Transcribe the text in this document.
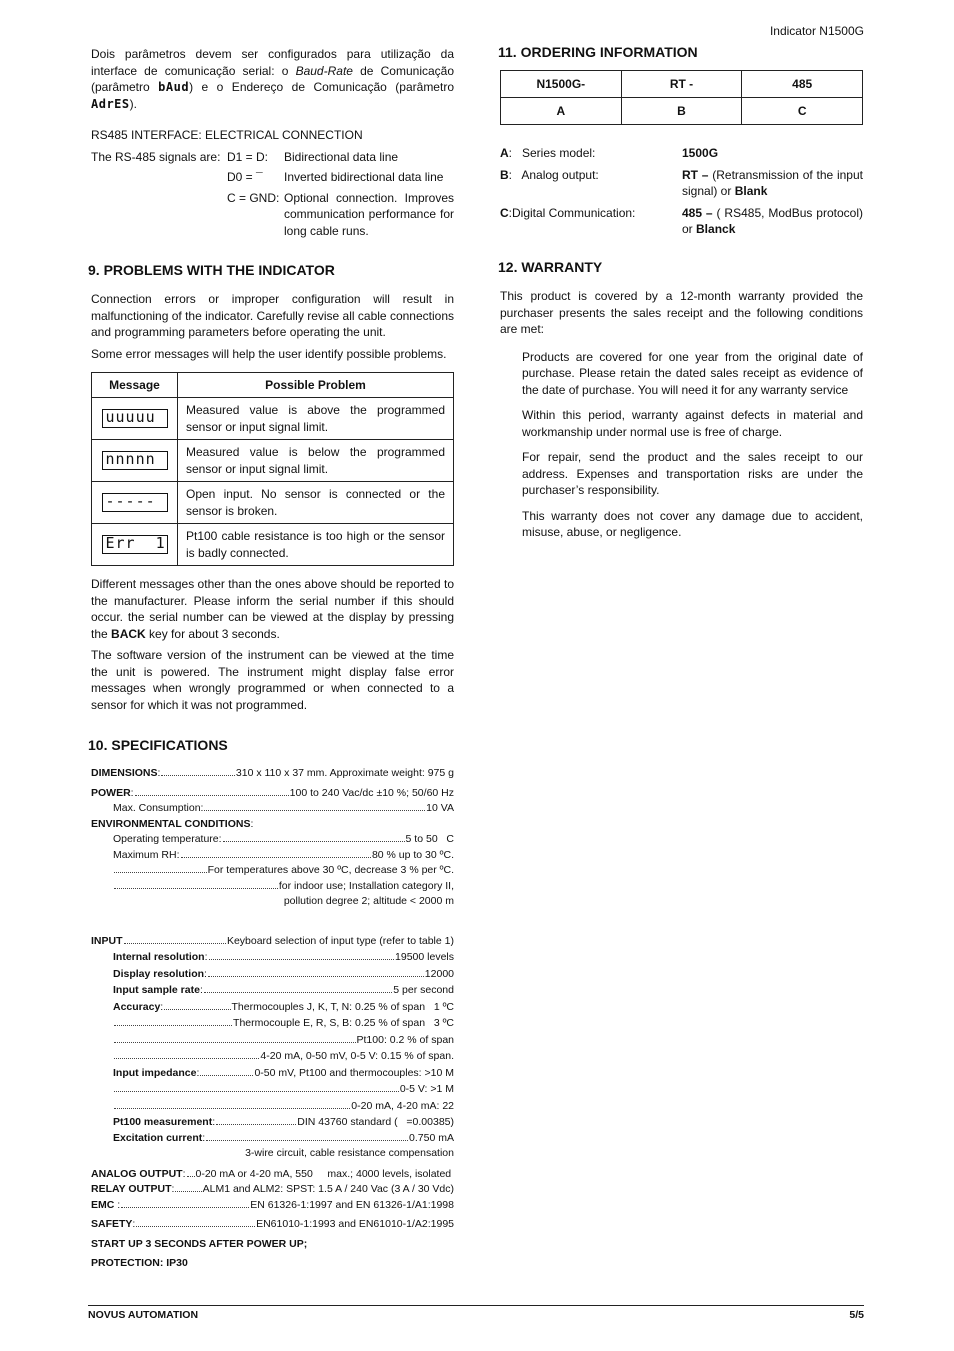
Indicator N1500G

Dois parâmetros devem ser configurados para utilização da interface de comunicação serial: o Baud-Rate de Comunicação (parâmetro bAud) e o Endereço de Comunicação (parâmetro AdrES).

RS485 INTERFACE: ELECTRICAL CONNECTION

The RS-485 signals are: D1 = D:	Bidirectional data line
D0 = ¯	Inverted bidirectional data line
C = GND: Optional connection. Improves communication performance for long cable runs.
9. PROBLEMS WITH THE INDICATOR

Connection errors or improper configuration will result in malfunctioning of the indicator. Carefully revise all cable connections and programming parameters before operating the unit.

Some error messages will help the user identify possible problems.

Message	Possible Problem
uuuuu	Measured value is above the programmed sensor or input signal limit.
nnnnn	Measured value is below the programmed sensor or input signal limit.
-----	Open input. No sensor is connected or the sensor is broken.
Err  1	Pt100 cable resistance is too high or the sensor is badly connected.

Different messages other than the ones above should be reported to the manufacturer. Please inform the serial number if this should occur. the serial number can be viewed at the display by pressing the BACK key for about 3 seconds.

The software version of the instrument can be viewed at the time the unit is powered. The instrument might display false error messages when wrongly programmed or when connected to a sensor for which it was not programmed.

10. SPECIFICATIONS
DIMENSIONS :	310 x 110 x 37 mm. Approximate weight: 975 g
POWER :	100 to 240 Vac/dc ±10 %; 50/60 Hz
Max. Consumption:	10 VA
ENVIRONMENTAL CONDITIONS :
Operating temperature:	5 to 50   C
Maximum RH:	80 % up to 30 ºC.
For temperatures above 30 ºC, decrease 3 % per ºC.
for indoor use; Installation category II,
pollution degree 2; altitude < 2000 m
INPUT	Keyboard selection of input type (refer to table 1)
Internal resolution :	19500 levels
Display resolution :	12000
Input sample rate :	5 per second
Accuracy :	Thermocouples J, K, T, N: 0.25 % of span   1 ºC
Thermocouple E, R, S, B: 0.25 % of span   3 ºC
Pt100: 0.2 % of span
4-20 mA, 0-50 mV, 0-5 V: 0.15 % of span.
Input impedance :	0-50 mV, Pt100 and thermocouples: >10 M
0-5 V: >1 M
0-20 mA, 4-20 mA: 22
Pt100 measurement :	DIN 43760 standard (   =0.00385)
Excitation current :	0.750 mA
3-wire circuit, cable resistance compensation
ANALOG OUTPUT : 0-20 mA or 4-20 mA, 550     max.; 4000 levels, isolated
RELAY OUTPUT :	ALM1 and ALM2: SPST: 1.5 A / 240 Vac (3 A / 30 Vdc)
EMC :	EN 61326-1:1997 and EN 61326-1/A1:1998
SAFETY :	EN61010-1:1993 and EN61010-1/A2:1995
START UP 3 SECONDS AFTER POWER UP;
PROTECTION: IP30
11. ORDERING INFORMATION
N1500G-	RT -	485
A	B	C
A:   Series model:	1500G
B:   Analog output:	RT – (Retransmission of the input signal) or Blank
C:Digital Communication:	485 – ( RS485, ModBus protocol) or Blanck
12. WARRANTY

This product is covered by a 12-month warranty provided the purchaser presents the sales receipt and the following conditions are met:

Products are covered for one year from the original date of purchase. Please retain the dated sales receipt as evidence of the date of purchase. You will need it for any warranty service

Within this period, warranty against defects in material and workmanship under normal use is free of charge.

For repair, send the product and the sales receipt to our address. Expenses and transportation risks are under the purchaser’s responsibility.

This warranty does not cover any damage due to accident, misuse, abuse, or negligence.

NOVUS AUTOMATION	5/5
